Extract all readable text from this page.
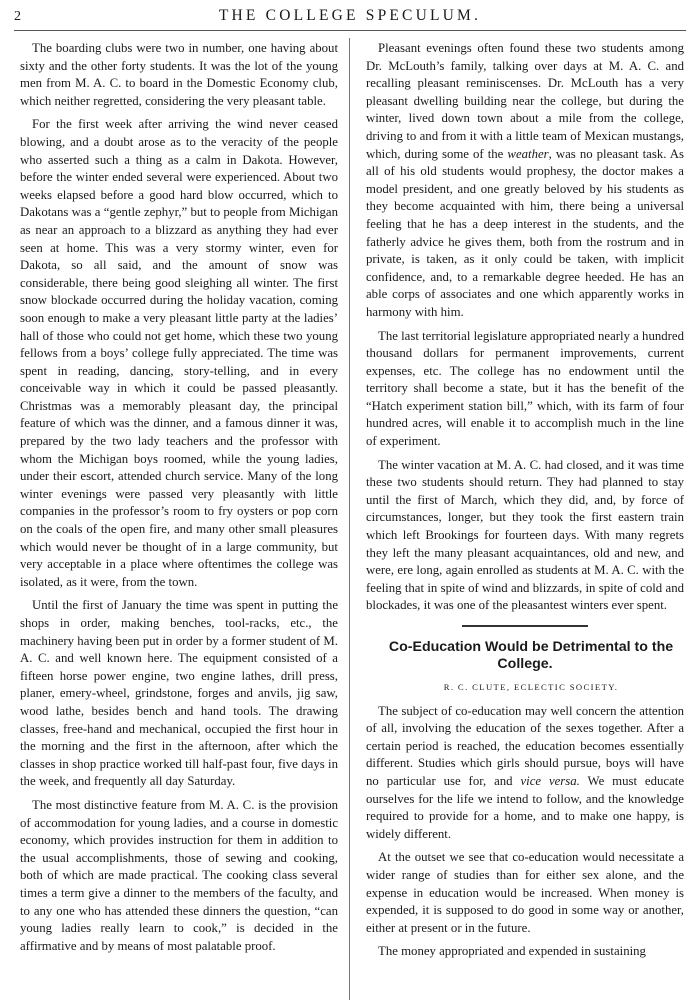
2	THE COLLEGE SPECULUM.

The boarding clubs were two in number, one having about sixty and the other forty students. It was the lot of the young men from M. A. C. to board in the Domestic Economy club, which neither regretted, considering the very pleasant table.

For the first week after arriving the wind never ceased blowing, and a doubt arose as to the veracity of the people who asserted such a thing as a calm in Dakota. However, before the winter ended several were experienced. About two weeks elapsed before a good hard blow occurred, which to Dakotans was a “gentle zephyr,” but to people from Michigan as near an approach to a blizzard as anything they had ever seen at home. This was a very stormy winter, even for Dakota, so all said, and the amount of snow was considerable, there being good sleighing all winter. The first snow blockade occurred during the holiday vacation, coming soon enough to make a very pleasant little party at the ladies’ hall of those who could not get home, which these two young fellows from a boys’ college fully appreciated. The time was spent in reading, dancing, story-telling, and in every conceivable way in which it could be passed pleasantly. Christmas was a memorably pleasant day, the principal feature of which was the dinner, and a famous dinner it was, prepared by the two lady teachers and the professor with whom the Michigan boys roomed, while the young ladies, under their escort, attended church service. Many of the long winter evenings were passed very pleasantly with little companies in the professor’s room to fry oysters or pop corn on the coals of the open fire, and many other small pleasures which would never be thought of in a large community, but very acceptable in a place where oftentimes the college was isolated, as it were, from the town.

Until the first of January the time was spent in putting the shops in order, making benches, tool-racks, etc., the machinery having been put in order by a former student of M. A. C. and well known here. The equipment consisted of a fifteen horse power engine, two engine lathes, drill press, planer, emery-wheel, grindstone, forges and anvils, jig saw, wood lathe, besides bench and hand tools. The drawing classes, free-hand and mechanical, occupied the first hour in the morning and the first in the afternoon, after which the classes in shop practice worked till half-past four, five days in the week, and frequently all day Saturday.

The most distinctive feature from M. A. C. is the provision of accommodation for young ladies, and a course in domestic economy, which provides instruction for them in addition to the usual accomplishments, those of sewing and cooking, both of which are made practical. The cooking class several times a term give a dinner to the members of the faculty, and to any one who has attended these dinners the question, “can young ladies really learn to cook,” is decided in the affirmative and by means of most palatable proof.

Pleasant evenings often found these two students among Dr. McLouth’s family, talking over days at M. A. C. and recalling pleasant reminiscenses. Dr. McLouth has a very pleasant dwelling building near the college, but during the winter, lived down town about a mile from the college, driving to and from it with a little team of Mexican mustangs, which, during some of the weather, was no pleasant task. As all of his old students would prophesy, the doctor makes a model president, and one greatly beloved by his students as they become acquainted with him, there being a universal feeling that he has a deep interest in the students, and the fatherly advice he gives them, both from the rostrum and in private, is taken, as it only could be taken, with implicit confidence, and, to a remarkable degree heeded. He has an able corps of associates and one which apparently works in harmony with him.

The last territorial legislature appropriated nearly a hundred thousand dollars for permanent improvements, current expenses, etc. The college has no endowment until the territory shall become a state, but it has the benefit of the “Hatch experiment station bill,” which, with its farm of four hundred acres, will enable it to accomplish much in the line of experiment.

The winter vacation at M. A. C. had closed, and it was time these two students should return. They had planned to stay until the first of March, which they did, and, by force of circumstances, longer, but they took the first eastern train which left Brookings for fourteen days. With many regrets they left the many pleasant acquaintances, old and new, and were, ere long, again enrolled as students at M. A. C. with the feeling that in spite of wind and blizzards, in spite of cold and blockades, it was one of the pleasantest winters ever spent.

Co-Education Would be Detrimental to the College.

R. C. CLUTE, ECLECTIC SOCIETY.

The subject of co-education may well concern the attention of all, involving the education of the sexes together. After a certain period is reached, the education becomes essentially different. Studies which girls should pursue, boys will have no particular use for, and vice versa. We must educate ourselves for the life we intend to follow, and the knowledge required to provide for a home, and to make one happy, is widely different.

At the outset we see that co-education would necessitate a wider range of studies than for either sex alone, and the expense in education would be increased. When money is expended, it is supposed to do good in some way or another, either at present or in the future.

The money appropriated and expended in sustaining
